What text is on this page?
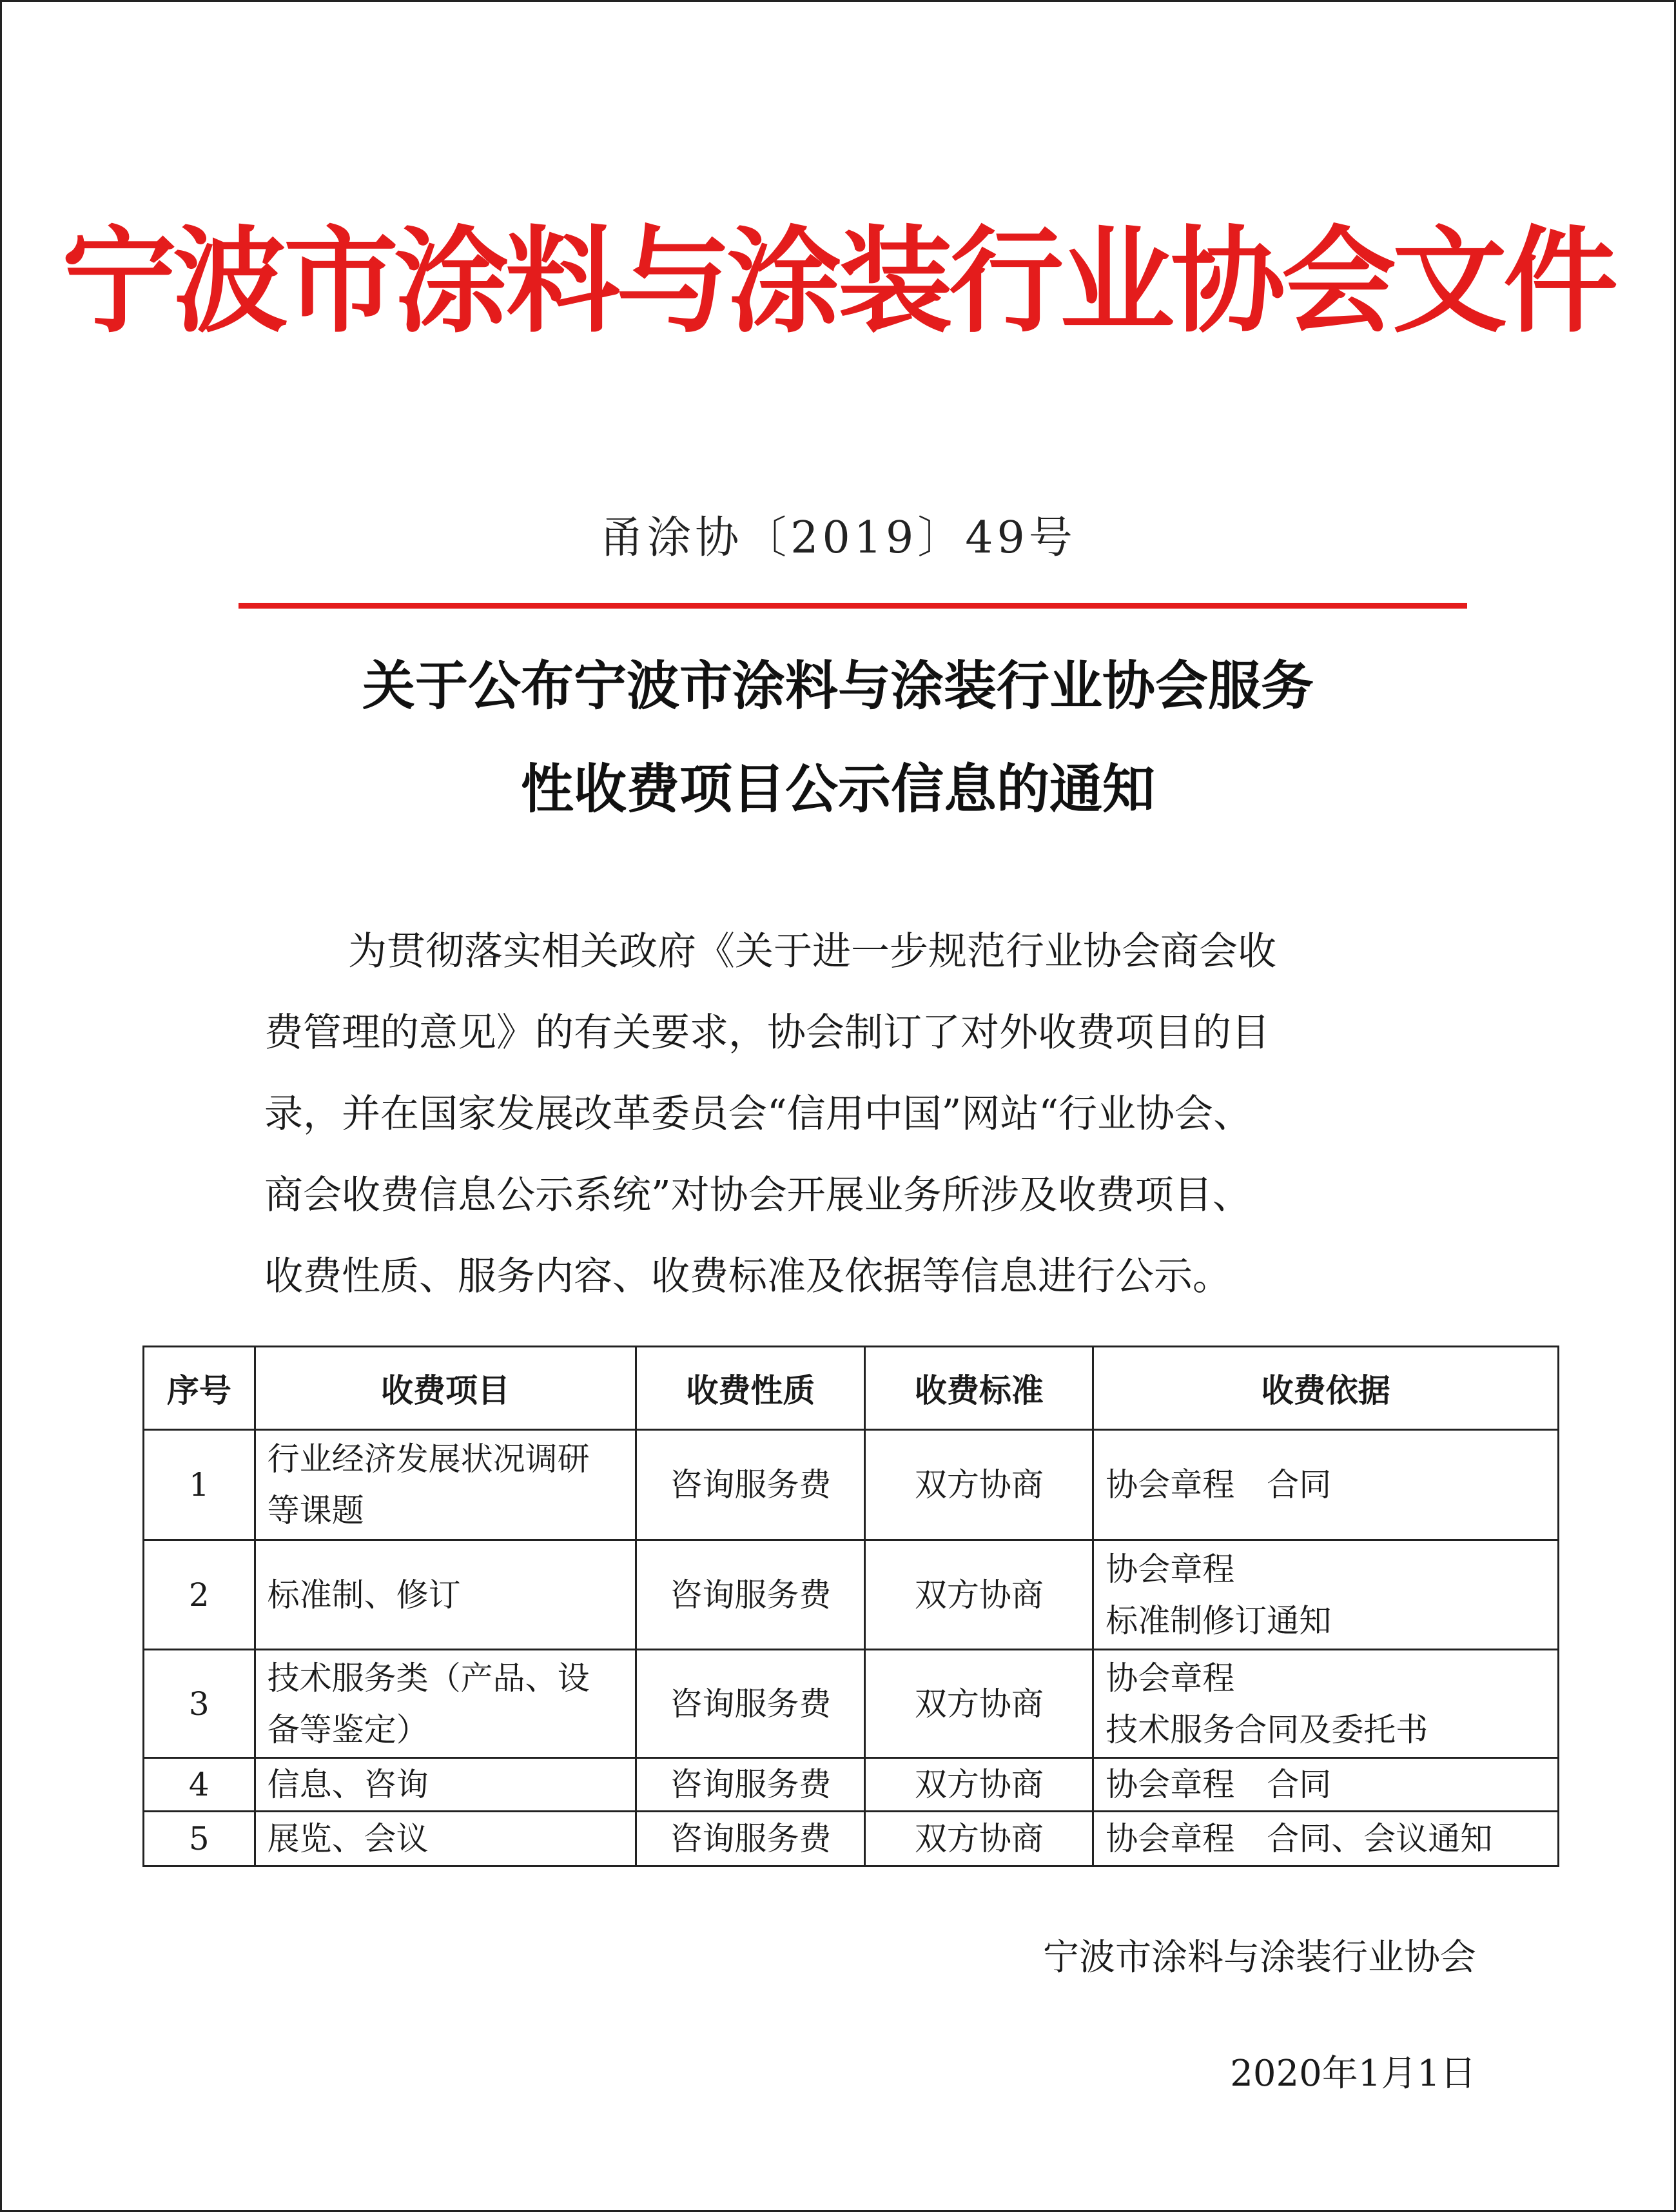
宁波市涂料与涂装行业协会文件
甬涂协〔2019〕49号
关于公布宁波市涂料与涂装行业协会服务
性收费项目公示信息的通知
为贯彻落实相关政府《关于进一步规范行业协会商会收
费管理的意见》的有关要求，协会制订了对外收费项目的目
录，并在国家发展改革委员会“信用中国”网站“行业协会、
商会收费信息公示系统”对协会开展业务所涉及收费项目、
收费性质、服务内容、收费标准及依据等信息进行公示。
序号	收费项目	收费性质	收费标准	收费依据
1	行业经济发展状况调研
等课题	咨询服务费	双方协商	协会章程　合同

2	标准制、修订	咨询服务费	双方协商	协会章程
标准制修订通知

3	技术服务类（产品、设
备等鉴定）	咨询服务费	双方协商	协会章程
技术服务合同及委托书

4	信息、咨询	咨询服务费	双方协商	协会章程　合同

5	展览、会议	咨询服务费	双方协商	协会章程　合同、会议通知
宁波市涂料与涂装行业协会
2020年1月1日
